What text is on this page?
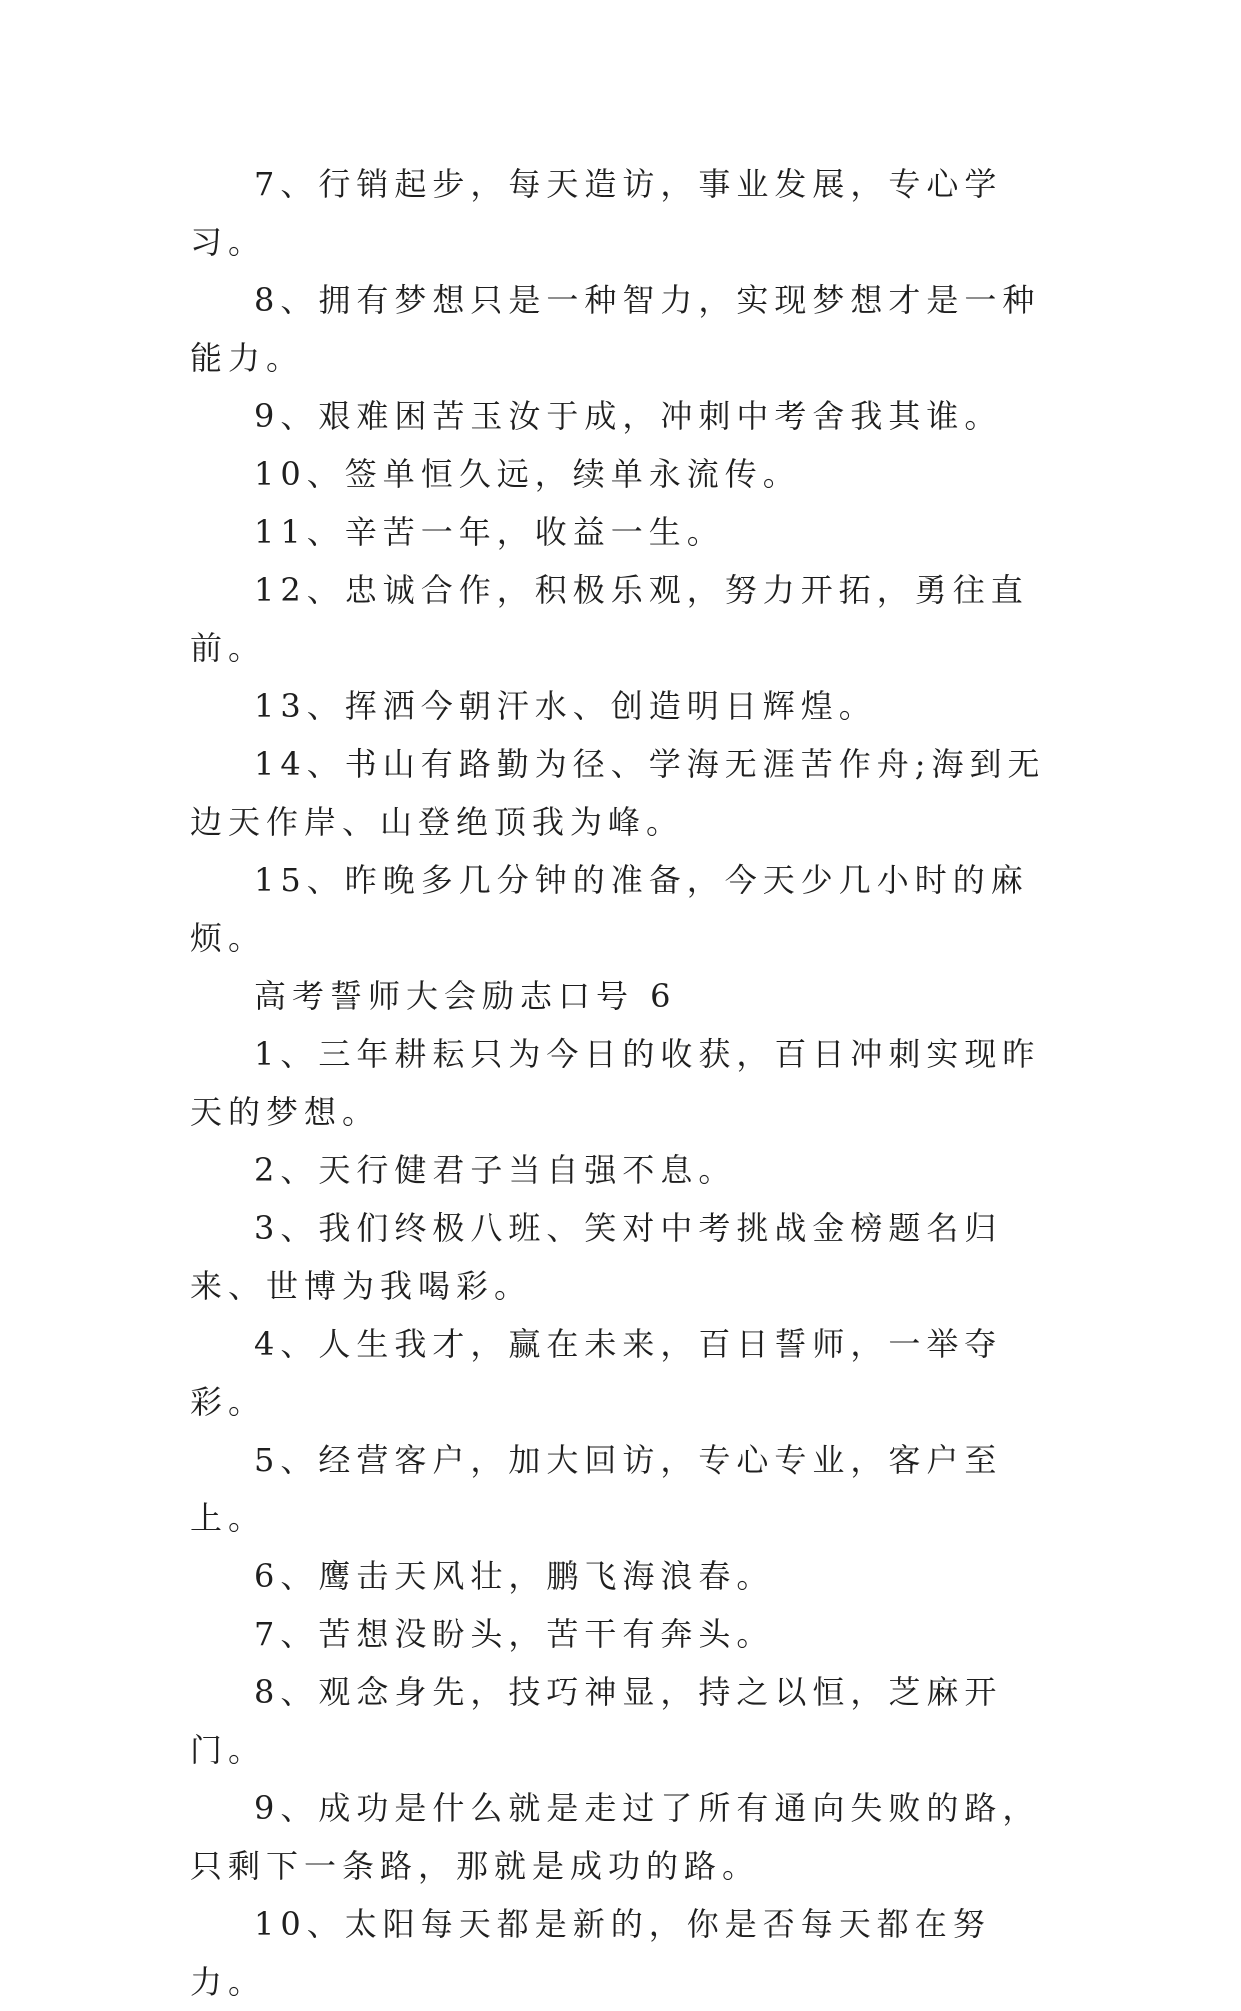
7、行销起步，每天造访，事业发展，专心学习。

8、拥有梦想只是一种智力，实现梦想才是一种能力。

9、艰难困苦玉汝于成，冲刺中考舍我其谁。

10、签单恒久远，续单永流传。

11、辛苦一年，收益一生。

12、忠诚合作，积极乐观，努力开拓，勇往直前。

13、挥洒今朝汗水、创造明日辉煌。

14、书山有路勤为径、学海无涯苦作舟;海到无边天作岸、山登绝顶我为峰。

15、昨晚多几分钟的准备，今天少几小时的麻烦。

高考誓师大会励志口号 6

1、三年耕耘只为今日的收获，百日冲刺实现昨天的梦想。

2、天行健君子当自强不息。

3、我们终极八班、笑对中考挑战金榜题名归来、世博为我喝彩。

4、人生我才，赢在未来，百日誓师，一举夺彩。

5、经营客户，加大回访，专心专业，客户至上。

6、鹰击天风壮，鹏飞海浪春。

7、苦想没盼头，苦干有奔头。

8、观念身先，技巧神显，持之以恒，芝麻开门。

9、成功是什么就是走过了所有通向失败的路，只剩下一条路，那就是成功的路。

10、太阳每天都是新的，你是否每天都在努力。
